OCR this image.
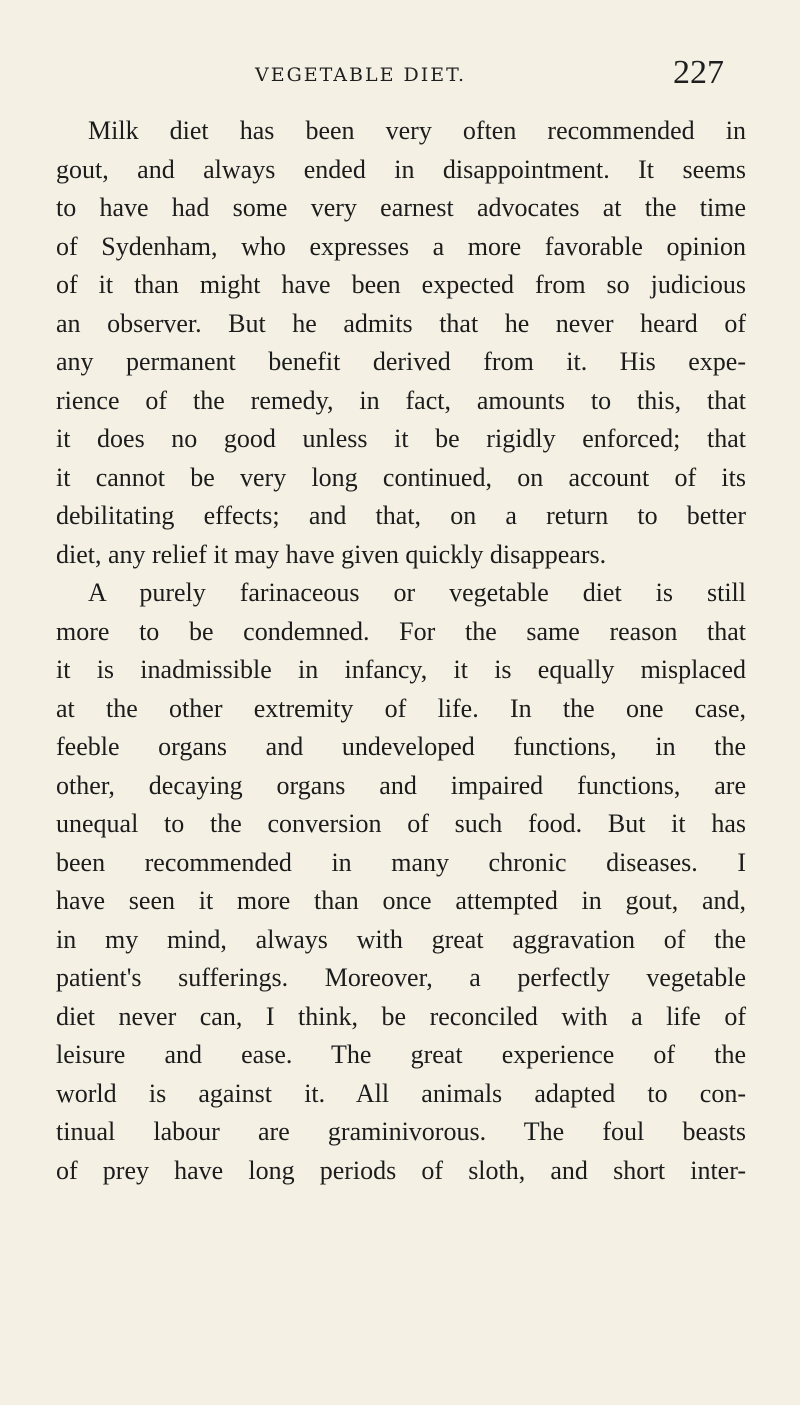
VEGETABLE DIET.	227
Milk diet has been very often recommended in
gout, and always ended in disappointment. It seems
to have had some very earnest advocates at the time
of Sydenham, who expresses a more favorable opinion
of it than might have been expected from so judicious
an observer. But he admits that he never heard of
any permanent benefit derived from it. His expe-
rience of the remedy, in fact, amounts to this, that
it does no good unless it be rigidly enforced; that
it cannot be very long continued, on account of its
debilitating effects; and that, on a return to better
diet, any relief it may have given quickly disappears.
A purely farinaceous or vegetable diet is still
more to be condemned. For the same reason that
it is inadmissible in infancy, it is equally misplaced
at the other extremity of life. In the one case,
feeble organs and undeveloped functions, in the
other, decaying organs and impaired functions, are
unequal to the conversion of such food. But it has
been recommended in many chronic diseases. I
have seen it more than once attempted in gout, and,
in my mind, always with great aggravation of the
patient's sufferings. Moreover, a perfectly vegetable
diet never can, I think, be reconciled with a life of
leisure and ease. The great experience of the
world is against it. All animals adapted to con-
tinual labour are graminivorous. The foul beasts
of prey have long periods of sloth, and short inter-
